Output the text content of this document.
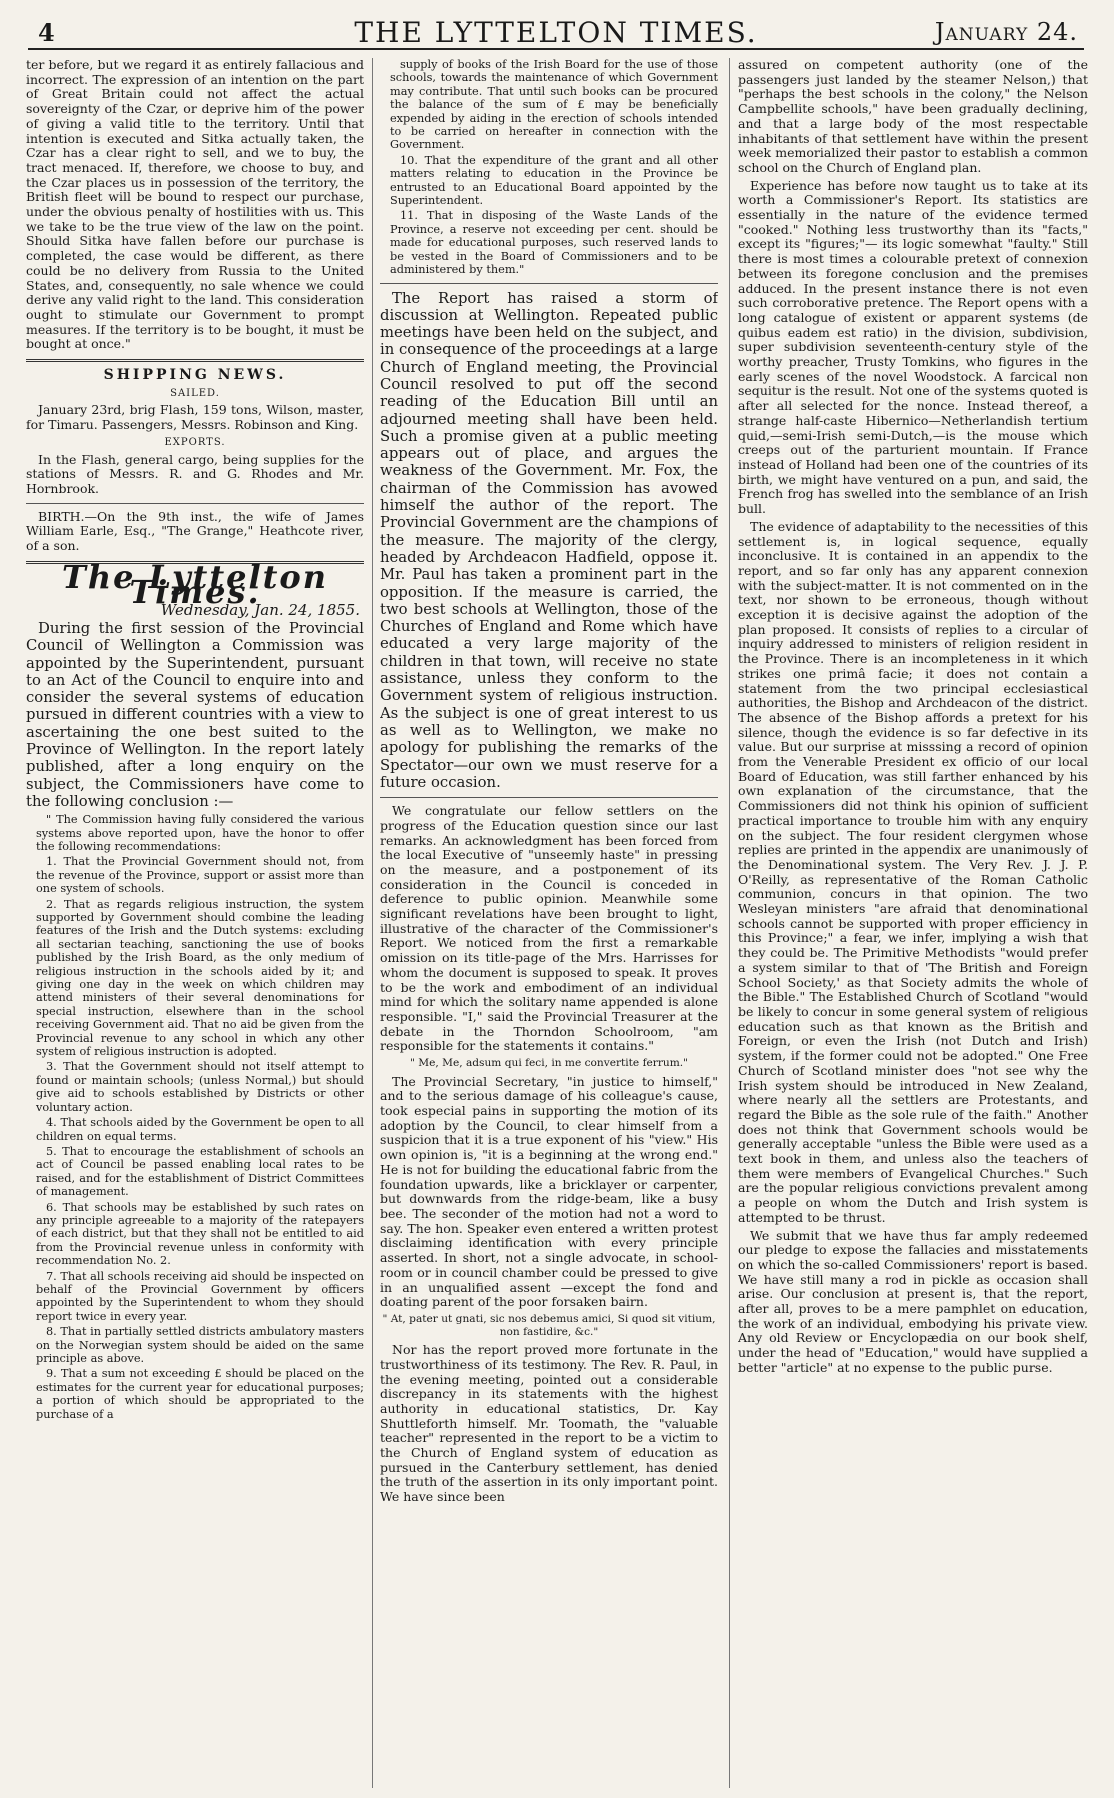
4	THE LYTTELTON TIMES.	January 24.

ter before, but we regard it as entirely fallacious and incorrect. The expression of an intention on the part of Great Britain could not affect the actual sovereignty of the Czar, or deprive him of the power of giving a valid title to the territory. Until that intention is executed and Sitka actually taken, the Czar has a clear right to sell, and we to buy, the tract menaced. If, therefore, we choose to buy, and the Czar places us in possession of the territory, the British fleet will be bound to respect our purchase, under the obvious penalty of hostilities with us. This we take to be the true view of the law on the point. Should Sitka have fallen before our purchase is completed, the case would be different, as there could be no delivery from Russia to the United States, and, consequently, no sale whence we could derive any valid right to the land. This consideration ought to stimulate our Government to prompt measures. If the territory is to be bought, it must be bought at once."

SHIPPING NEWS.
SAILED.

January 23rd, brig Flash, 159 tons, Wilson, master, for Timaru. Passengers, Messrs. Robinson and King.

EXPORTS.

In the Flash, general cargo, being supplies for the stations of Messrs. R. and G. Rhodes and Mr. Hornbrook.

BIRTH.—On the 9th inst., the wife of James William Earle, Esq., "The Grange," Heathcote river, of a son.

The Lyttelton Times.
Wednesday, Jan. 24, 1855.

During the first session of the Provincial Council of Wellington a Commission was appointed by the Superintendent, pursuant to an Act of the Council to enquire into and consider the several systems of education pursued in different countries with a view to ascertaining the one best suited to the Province of Wellington. In the report lately published, after a long enquiry on the subject, the Commissioners have come to the following conclusion :—

" The Commission having fully considered the various systems above reported upon, have the honor to offer the following recommendations:

1. That the Provincial Government should not, from the revenue of the Province, support or assist more than one system of schools.

2. That as regards religious instruction, the system supported by Government should combine the leading features of the Irish and the Dutch systems: excluding all sectarian teaching, sanctioning the use of books published by the Irish Board, as the only medium of religious instruction in the schools aided by it; and giving one day in the week on which children may attend ministers of their several denominations for special instruction, elsewhere than in the school receiving Government aid. That no aid be given from the Provincial revenue to any school in which any other system of religious instruction is adopted.

3. That the Government should not itself attempt to found or maintain schools; (unless Normal,) but should give aid to schools established by Districts or other voluntary action.

4. That schools aided by the Government be open to all children on equal terms.

5. That to encourage the establishment of schools an act of Council be passed enabling local rates to be raised, and for the establishment of District Committees of management.

6. That schools may be established by such rates on any principle agreeable to a majority of the ratepayers of each district, but that they shall not be entitled to aid from the Provincial revenue unless in conformity with recommendation No. 2.

7. That all schools receiving aid should be inspected on behalf of the Provincial Government by officers appointed by the Superintendent to whom they should report twice in every year.

8. That in partially settled districts ambulatory masters on the Norwegian system should be aided on the same principle as above.

9. That a sum not exceeding £ should be placed on the estimates for the current year for educational purposes; a portion of which should be appropriated to the purchase of a

supply of books of the Irish Board for the use of those schools, towards the maintenance of which Government may contribute. That until such books can be procured the balance of the sum of £ may be beneficially expended by aiding in the erection of schools intended to be carried on hereafter in connection with the Government.

10. That the expenditure of the grant and all other matters relating to education in the Province be entrusted to an Educational Board appointed by the Superintendent.

11. That in disposing of the Waste Lands of the Province, a reserve not exceeding per cent. should be made for educational purposes, such reserved lands to be vested in the Board of Commissioners and to be administered by them."

The Report has raised a storm of discussion at Wellington. Repeated public meetings have been held on the subject, and in consequence of the proceedings at a large Church of England meeting, the Provincial Council resolved to put off the second reading of the Education Bill until an adjourned meeting shall have been held. Such a promise given at a public meeting appears out of place, and argues the weakness of the Government. Mr. Fox, the chairman of the Commission has avowed himself the author of the report. The Provincial Government are the champions of the measure. The majority of the clergy, headed by Archdeacon Hadfield, oppose it. Mr. Paul has taken a prominent part in the opposition. If the measure is carried, the two best schools at Wellington, those of the Churches of England and Rome which have educated a very large majority of the children in that town, will receive no state assistance, unless they conform to the Government system of religious instruction. As the subject is one of great interest to us as well as to Wellington, we make no apology for publishing the remarks of the Spectator—our own we must reserve for a future occasion.

We congratulate our fellow settlers on the progress of the Education question since our last remarks. An acknowledgment has been forced from the local Executive of "unseemly haste" in pressing on the measure, and a postponement of its consideration in the Council is conceded in deference to public opinion. Meanwhile some significant revelations have been brought to light, illustrative of the character of the Commissioner's Report. We noticed from the first a remarkable omission on its title-page of the Mrs. Harrisses for whom the document is supposed to speak. It proves to be the work and embodiment of an individual mind for which the solitary name appended is alone responsible. "I," said the Provincial Treasurer at the debate in the Thorndon Schoolroom, "am responsible for the statements it contains."

" Me, Me, adsum qui feci, in me convertite ferrum."

The Provincial Secretary, "in justice to himself," and to the serious damage of his colleague's cause, took especial pains in supporting the motion of its adoption by the Council, to clear himself from a suspicion that it is a true exponent of his "view." His own opinion is, "it is a beginning at the wrong end." He is not for building the educational fabric from the foundation upwards, like a bricklayer or carpenter, but downwards from the ridge-beam, like a busy bee. The seconder of the motion had not a word to say. The hon. Speaker even entered a written protest disclaiming identification with every principle asserted. In short, not a single advocate, in school-room or in council chamber could be pressed to give in an unqualified assent —except the fond and doating parent of the poor forsaken bairn.

" At, pater ut gnati, sic nos debemus amici, Si quod sit vitium, non fastidire, &c."

Nor has the report proved more fortunate in the trustworthiness of its testimony. The Rev. R. Paul, in the evening meeting, pointed out a considerable discrepancy in its statements with the highest authority in educational statistics, Dr. Kay Shuttleforth himself. Mr. Toomath, the "valuable teacher" represented in the report to be a victim to the Church of England system of education as pursued in the Canterbury settlement, has denied the truth of the assertion in its only important point. We have since been

assured on competent authority (one of the passengers just landed by the steamer Nelson,) that "perhaps the best schools in the colony," the Nelson Campbellite schools," have been gradually declining, and that a large body of the most respectable inhabitants of that settlement have within the present week memorialized their pastor to establish a common school on the Church of England plan.

Experience has before now taught us to take at its worth a Commissioner's Report. Its statistics are essentially in the nature of the evidence termed "cooked." Nothing less trustworthy than its "facts," except its "figures;"— its logic somewhat "faulty." Still there is most times a colourable pretext of connexion between its foregone conclusion and the premises adduced. In the present instance there is not even such corroborative pretence. The Report opens with a long catalogue of existent or apparent systems (de quibus eadem est ratio) in the division, subdivision, super subdivision seventeenth-century style of the worthy preacher, Trusty Tomkins, who figures in the early scenes of the novel Woodstock. A farcical non sequitur is the result. Not one of the systems quoted is after all selected for the nonce. Instead thereof, a strange half-caste Hibernico—Netherlandish tertium quid,—semi-Irish semi-Dutch,—is the mouse which creeps out of the parturient mountain. If France instead of Holland had been one of the countries of its birth, we might have ventured on a pun, and said, the French frog has swelled into the semblance of an Irish bull.

The evidence of adaptability to the necessities of this settlement is, in logical sequence, equally inconclusive. It is contained in an appendix to the report, and so far only has any apparent connexion with the subject-matter. It is not commented on in the text, nor shown to be erroneous, though without exception it is decisive against the adoption of the plan proposed. It consists of replies to a circular of inquiry addressed to ministers of religion resident in the Province. There is an incompleteness in it which strikes one primâ facie; it does not contain a statement from the two principal ecclesiastical authorities, the Bishop and Archdeacon of the district. The absence of the Bishop affords a pretext for his silence, though the evidence is so far defective in its value. But our surprise at misssing a record of opinion from the Venerable President ex officio of our local Board of Education, was still farther enhanced by his own explanation of the circumstance, that the Commissioners did not think his opinion of sufficient practical importance to trouble him with any enquiry on the subject. The four resident clergymen whose replies are printed in the appendix are unanimously of the Denominational system. The Very Rev. J. J. P. O'Reilly, as representative of the Roman Catholic communion, concurs in that opinion. The two Wesleyan ministers "are afraid that denominational schools cannot be supported with proper efficiency in this Province;" a fear, we infer, implying a wish that they could be. The Primitive Methodists "would prefer a system similar to that of 'The British and Foreign School Society,' as that Society admits the whole of the Bible." The Established Church of Scotland "would be likely to concur in some general system of religious education such as that known as the British and Foreign, or even the Irish (not Dutch and Irish) system, if the former could not be adopted." One Free Church of Scotland minister does "not see why the Irish system should be introduced in New Zealand, where nearly all the settlers are Protestants, and regard the Bible as the sole rule of the faith." Another does not think that Government schools would be generally acceptable "unless the Bible were used as a text book in them, and unless also the teachers of them were members of Evangelical Churches." Such are the popular religious convictions prevalent among a people on whom the Dutch and Irish system is attempted to be thrust.

We submit that we have thus far amply redeemed our pledge to expose the fallacies and misstatements on which the so-called Commissioners' report is based. We have still many a rod in pickle as occasion shall arise. Our conclusion at present is, that the report, after all, proves to be a mere pamphlet on education, the work of an individual, embodying his private view. Any old Review or Encyclopædia on our book shelf, under the head of "Education," would have supplied a better "article" at no expense to the public purse.
